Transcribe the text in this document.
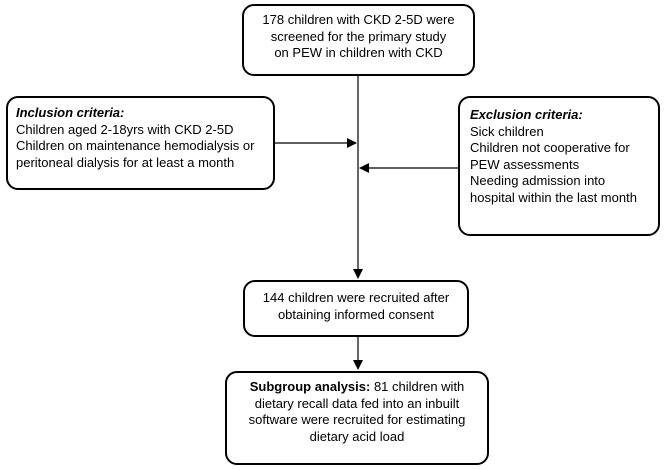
178 children with CKD 2-5D were
screened for the primary study
on PEW in children with CKD
Inclusion criteria:
Children aged 2-18yrs with CKD 2-5D
Children on maintenance hemodialysis or
peritoneal dialysis for at least a month
Exclusion criteria:
Sick children
Children not cooperative for
PEW assessments
Needing admission into
hospital within the last month
144 children were recruited after
obtaining informed consent
Subgroup analysis: 81 children with
dietary recall data fed into an inbuilt
software were recruited for estimating
dietary acid load
